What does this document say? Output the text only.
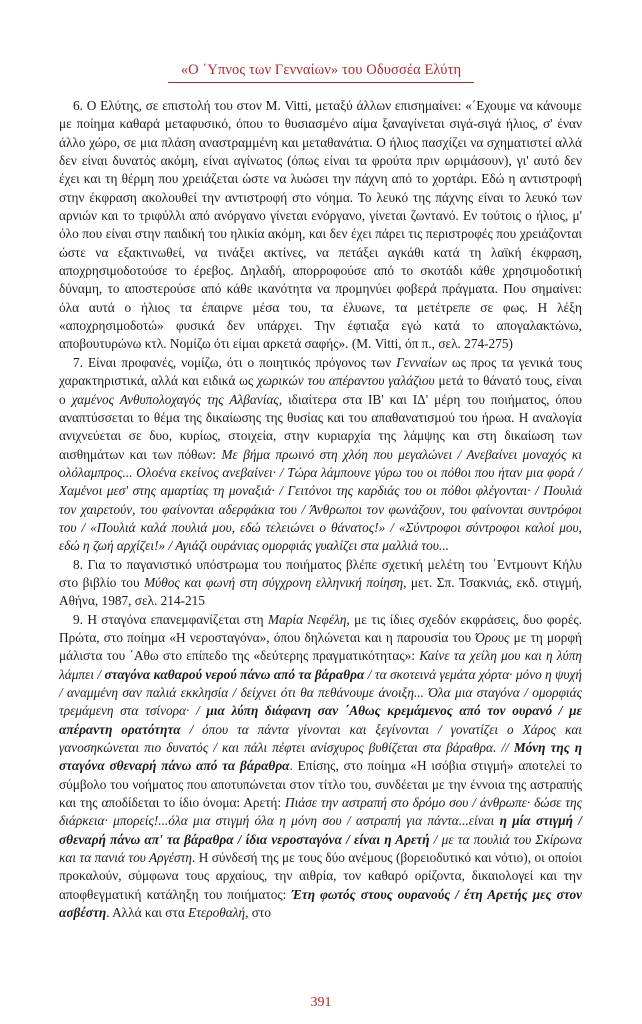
«Ο ΄Υπνος των Γενναίων» του Οδυσσέα Ελύτη

6. Ο Ελύτης, σε επιστολή του στον Μ. Vitti, μεταξύ άλλων επισημαίνει: «΄Εχουμε να κάνουμε με ποίημα καθαρά μεταφυσικό, όπου το θυσιασμένο αίμα ξαναγίνεται σιγά-σιγά ήλιος, σ' έναν άλλο χώρο, σε μια πλάση αναστραμμένη και μεταθανάτια. Ο ήλιος πασχίζει να σχηματιστεί αλλά δεν είναι δυνατός ακόμη, είναι αγίνωτος (όπως είναι τα φρούτα πριν ωριμάσουν), γι' αυτό δεν έχει και τη θέρμη που χρειάζεται ώστε να λυώσει την πάχνη από το χορτάρι. Εδώ η αντιστροφή στην έκφραση ακολουθεί την αντιστροφή στο νόημα. Το λευκό της πάχνης είναι το λευκό των αρνιών και το τριφύλλι από ανόργανο γίνεται ενόργανο, γίνεται ζωντανό. Εν τούτοις ο ήλιος, μ' όλο που είναι στην παιδική του ηλικία ακόμη, και δεν έχει πάρει τις περιστροφές που χρειάζονται ώστε να εξακτινωθεί, να τινάξει ακτίνες, να πετάξει αγκάθι κατά τη λαϊκή έκφραση, αποχρησιμοδοτούσε το έρεβος. Δηλαδή, απορροφούσε από το σκοτάδι κάθε χρησιμοδοτική δύναμη, το αποστερούσε από κάθε ικανότητα να προμηνύει φοβερά πράγματα. Που σημαίνει: όλα αυτά ο ήλιος τα έπαιρνε μέσα του, τα έλυωνε, τα μετέτρεπε σε φως. Η λέξη «αποχρησιμοδοτώ» φυσικά δεν υπάρχει. Την έφτιαξα εγώ κατά το απογαλακτώνω, αποβουτυρώνω κτλ. Νομίζω ότι είμαι αρκετά σαφής». (Μ. Vitti, όπ π., σελ. 274-275)

7. Είναι προφανές, νομίζω, ότι ο ποιητικός πρόγονος των Γενναίων ως προς τα γενικά τους χαρακτηριστικά, αλλά και ειδικά ως χωρικών του απέραντου γαλάζιου μετά το θάνατό τους, είναι ο χαμένος Ανθυπολοχαγός της Αλβανίας, ιδιαίτερα στα ΙΒ' και ΙΔ' μέρη του ποιήματος, όπου αναπτύσσεται το θέμα της δικαίωσης της θυσίας και του απαθανατισμού του ήρωα. Η αναλογία ανιχνεύεται σε δυο, κυρίως, στοιχεία, στην κυριαρχία της λάμψης και στη δικαίωση των αισθημάτων και των πόθων: Με βήμα πρωινό στη χλόη που μεγαλώνει / Ανεβαίνει μοναχός κι ολόλαμπρος... Ολοένα εκείνος ανεβαίνει· / Τώρα λάμπουνε γύρω του οι πόθοι που ήταν μια φορά / Χαμένοι μεσ' στης αμαρτίας τη μοναξιά· / Γειτόνοι της καρδιάς του οι πόθοι φλέγονται· / Πουλιά τον χαιρετούν, του φαίνονται αδερφάκια του / Άνθρωποι τον φωνάζουν, του φαίνονται συντρόφοι του / «Πουλιά καλά πουλιά μου, εδώ τελειώνει ο θάνατος!» / «Σύντροφοι σύντροφοι καλοί μου, εδώ η ζωή αρχίζει!» / Αγιάζι ουράνιας ομορφιάς γυαλίζει στα μαλλιά του...

8. Για το παγανιστικό υπόστρωμα του ποιήματος βλέπε σχετική μελέτη του ΄Εντμουντ Κήλυ στο βιβλίο του Μύθος και φωνή στη σύγχρονη ελληνική ποίηση, μετ. Σπ. Τσακνιάς, εκδ. στιγμή, Αθήνα, 1987, σελ. 214-215

9. Η σταγόνα επανεμφανίζεται στη Μαρία Νεφέλη, με τις ίδιες σχεδόν εκφράσεις, δυο φορές. Πρώτα, στο ποίημα «Η νεροσταγόνα», όπου δηλώνεται και η παρουσία του Όρους με τη μορφή μάλιστα του ΄Αθω στο επίπεδο της «δεύτερης πραγματικότητας»: Καίνε τα χείλη μου και η λύπη λάμπει / σταγόνα καθαρού νερού πάνω από τα βάραθρα / τα σκοτεινά γεμάτα χόρτα· μόνο η ψυχή / αναμμένη σαν παλιά εκκλησία / δείχνει ότι θα πεθάνουμε άνοιξη... Όλα μια σταγόνα / ομορφιάς τρεμάμενη στα τσίνορα· / μια λύπη διάφανη σαν ΄Αθως κρεμάμενος από τον ουρανό / με απέραντη ορατότητα / όπου τα πάντα γίνονται και ξεγίνονται / γονατίζει ο Χάρος και γανοσηκώνεται πιο δυνατός / και πάλι πέφτει ανίσχυρος βυθίζεται στα βάραθρα. // Μόνη της η σταγόνα σθεναρή πάνω από τα βάραθρα. Επίσης, στο ποίημα «Η ισόβια στιγμή» αποτελεί το σύμβολο του νοήματος που αποτυπώνεται στον τίτλο του, συνδέεται με την έννοια της αστραπής και της αποδίδεται το ίδιο όνομα: Αρετή: Πιάσε την αστραπή στο δρόμο σου / άνθρωπε· δώσε της διάρκεια· μπορείς!...όλα μια στιγμή όλα η μόνη σου / αστραπή για πάντα...είναι η μία στιγμή / σθεναρή πάνω απ' τα βάραθρα / ίδια νεροσταγόνα / είναι η Αρετή / με τα πουλιά του Σκίρωνα και τα πανιά του Αργέστη. Η σύνδεσή της με τους δύο ανέμους (βορειοδυτικό και νότιο), οι οποίοι προκαλούν, σύμφωνα τους αρχαίους, την αιθρία, τον καθαρό ορίζοντα, δικαιολογεί και την αποφθεγματική κατάληξη του ποιήματος: Έτη φωτός στους ουρανούς / έτη Αρετής μες στον ασβέστη. Αλλά και στα Ετεροθαλή, στο

391
